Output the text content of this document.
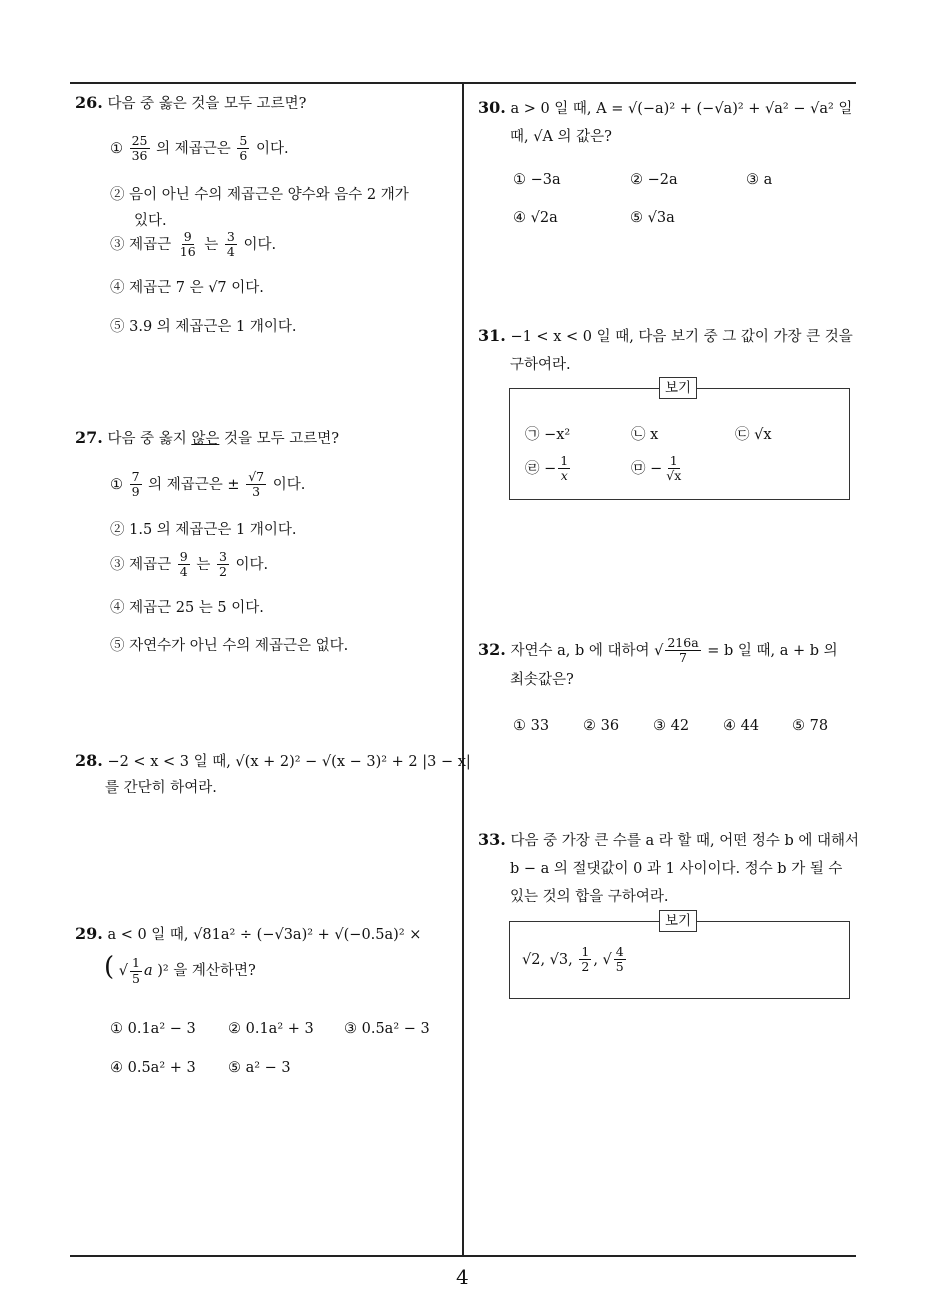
26. 다음 중 옳은 것을 모두 고르면?
① $\frac{25}{36}$ 의 제곱근은 $\frac{5}{6}$ 이다.
② 음이 아닌 수의 제곱근은 양수와 음수 2 개가
있다.
③ 제곱근 $\frac{9}{16}$ 는 $\frac{3}{4}$ 이다.
④ 제곱근 7 은 √7 이다.
⑤ 3.9 의 제곱근은 1 개이다.
27. 다음 중 옳지 않은 것을 모두 고르면?
① $\frac{7}{9}$ 의 제곱근은 ± $\frac{√7}{3}$ 이다.
② 1.5 의 제곱근은 1 개이다.
③ 제곱근 $\frac{9}{4}$ 는 $\frac{3}{2}$ 이다.
④ 제곱근 25 는 5 이다.
⑤ 자연수가 아닌 수의 제곱근은 없다.
28. −2 < x < 3 일 때, √(x + 2)² − √(x − 3)² + 2 |3 − x|
를 간단히 하여라.
29. a < 0 일 때, √81a² ÷ (−√3a)² + √(−0.5a)² ×
( √ $\frac{1}{5}$ a )² 을 계산하면?
① 0.1a² − 3 ② 0.1a² + 3 ③ 0.5a² − 3
④ 0.5a² + 3 ⑤ a² − 3
30. a > 0 일 때, A = √(−a)² + (−√a)² + √a² − √a² 일
때, √A 의 값은?
① −3a	② −2a	③ a
④ √2a	⑤ √3a
31. −1 < x < 0 일 때, 다음 보기 중 그 값이 가장 큰 것을
구하여라.
보기
㉠ −x²	㉡ x	㉢ √x
㉣ − $\frac{1}{x}$	㉤ − $\frac{1}{√x}$
32. 자연수 a, b 에 대하여 √ $\frac{216a}{7} = b$ 일 때, a + b 의
최솟값은?
① 33 ② 36 ③ 42 ④ 44 ⑤ 78
33. 다음 중 가장 큰 수를 a 라 할 때, 어떤 정수 b 에 대해서
b − a 의 절댓값이 0 과 1 사이이다. 정수 b 가 될 수
있는 것의 합을 구하여라.
보기
√2, √3, $\frac{1}{2}$ , √ $\frac{4}{5}$
4
